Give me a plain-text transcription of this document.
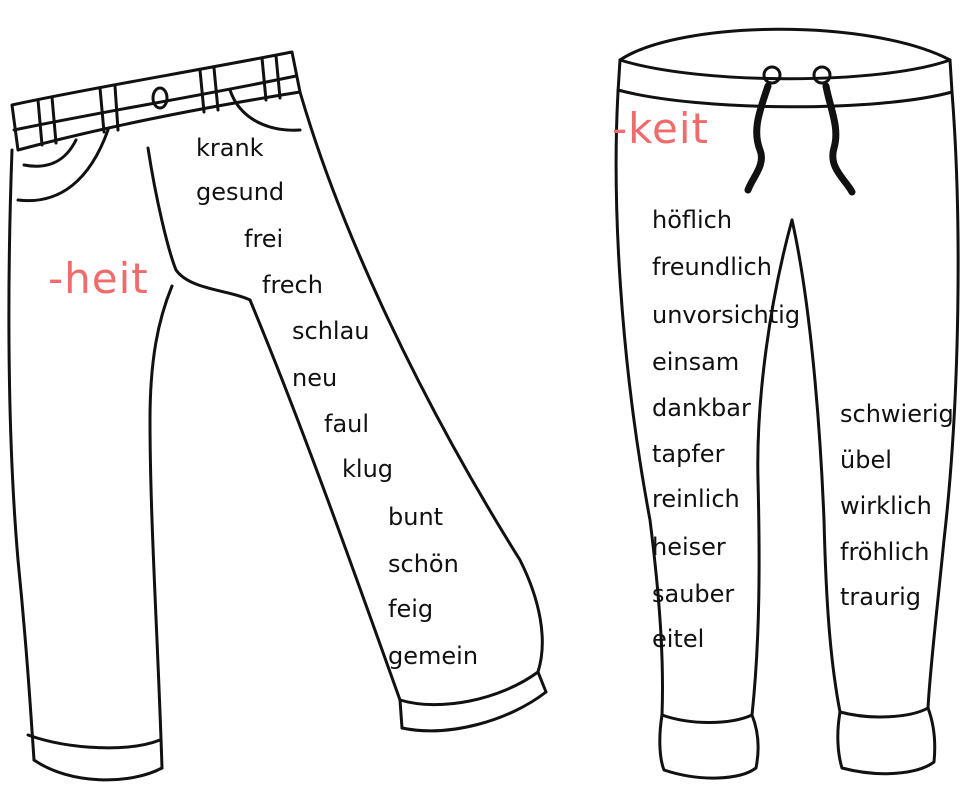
-heit
krank
gesund
frei
frech
schlau
neu
faul
klug
bunt
schön
feig
gemein
-keit
höflich
freundlich
unvorsichtig
einsam
dankbar
tapfer
reinlich
heiser
sauber
eitel
schwierig
übel
wirklich
fröhlich
traurig
